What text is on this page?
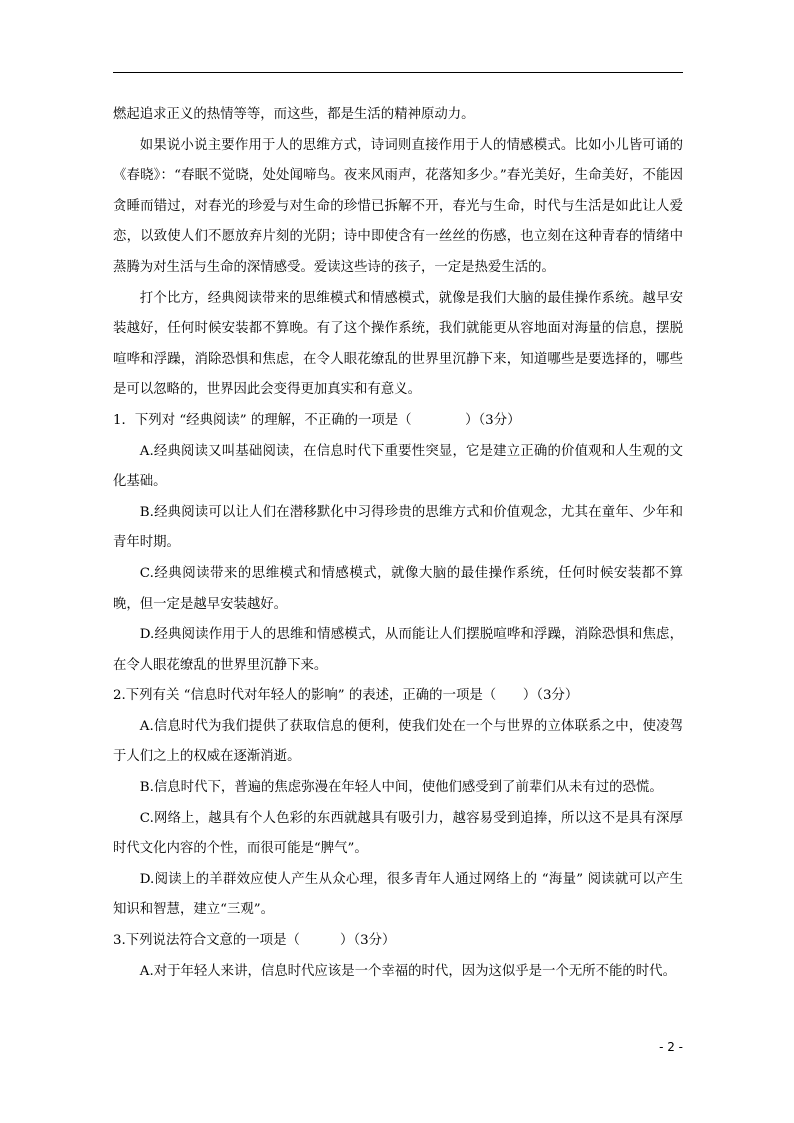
燃起追求正义的热情等等，而这些，都是生活的精神原动力。

如果说小说主要作用于人的思维方式，诗词则直接作用于人的情感模式。比如小儿皆可诵的《春晓》：“春眠不觉晓，处处闻啼鸟。夜来风雨声，花落知多少。”春光美好，生命美好，不能因贪睡而错过，对春光的珍爱与对生命的珍惜已拆解不开，春光与生命，时代与生活是如此让人爱恋，以致使人们不愿放弃片刻的光阴；诗中即使含有一丝丝的伤感，也立刻在这种青春的情绪中蒸腾为对生活与生命的深情感受。爱读这些诗的孩子，一定是热爱生活的。

打个比方，经典阅读带来的思维模式和情感模式，就像是我们大脑的最佳操作系统。越早安装越好，任何时候安装都不算晚。有了这个操作系统，我们就能更从容地面对海量的信息，摆脱喧哗和浮躁，消除恐惧和焦虑，在令人眼花缭乱的世界里沉静下来，知道哪些是要选择的，哪些是可以忽略的，世界因此会变得更加真实和有意义。

1．下列对 “经典阅读” 的理解，不正确的一项是（　　　　）（3分）

A.经典阅读又叫基础阅读，在信息时代下重要性突显，它是建立正确的价值观和人生观的文化基础。

B.经典阅读可以让人们在潜移默化中习得珍贵的思维方式和价值观念，尤其在童年、少年和青年时期。

C.经典阅读带来的思维模式和情感模式，就像大脑的最佳操作系统，任何时候安装都不算晚，但一定是越早安装越好。

D.经典阅读作用于人的思维和情感模式，从而能让人们摆脱喧哗和浮躁，消除恐惧和焦虑，在令人眼花缭乱的世界里沉静下来。

2.下列有关 “信息时代对年轻人的影响” 的表述，正确的一项是（　　）（3分）

A.信息时代为我们提供了获取信息的便利，使我们处在一个与世界的立体联系之中，使凌驾于人们之上的权威在逐渐消逝。

B.信息时代下，普遍的焦虑弥漫在年轻人中间，使他们感受到了前辈们从未有过的恐慌。

C.网络上，越具有个人色彩的东西就越具有吸引力，越容易受到追捧，所以这不是具有深厚时代文化内容的个性，而很可能是“脾气”。

D.阅读上的羊群效应使人产生从众心理，很多青年人通过网络上的 “海量” 阅读就可以产生知识和智慧，建立“三观”。

3.下列说法符合文意的一项是（　　　）（3分）

A.对于年轻人来讲，信息时代应该是一个幸福的时代，因为这似乎是一个无所不能的时代。

- 2 -
